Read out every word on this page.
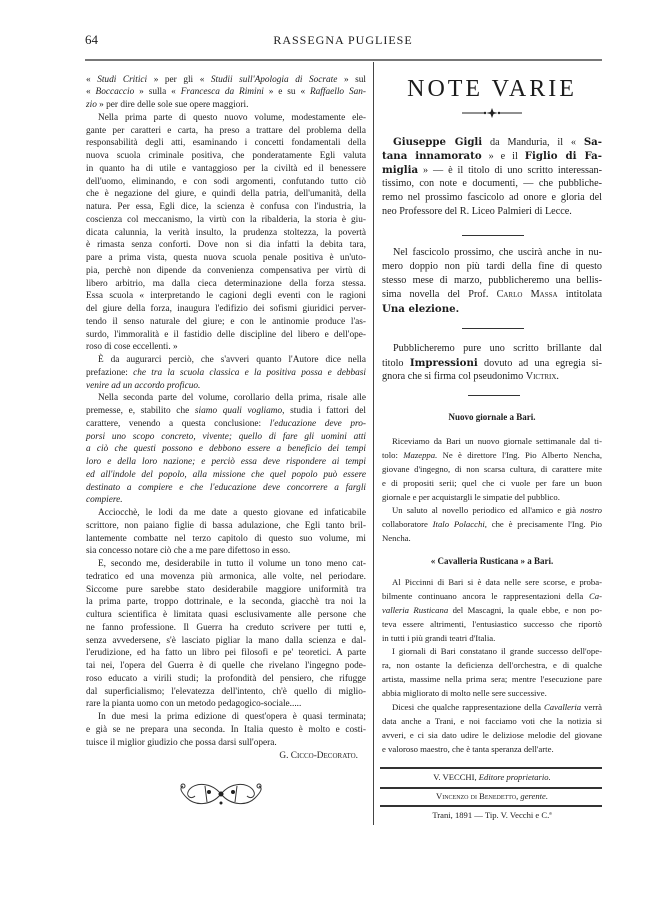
64	RASSEGNA PUGLIESE
« Studi Critici » per gli « Studii sull'Apologia di Socrate » sul
« Boccaccio » sulla « Francesca da Rimini » e su « Raffaello San-
zio » per dire delle sole sue opere maggiori.
Nella prima parte di questo nuovo volume, modestamente ele-
gante per caratteri e carta, ha preso a trattare del problema della
responsabilità degli atti, esaminando i concetti fondamentali della
nuova scuola criminale positiva, che ponderatamente Egli valuta
in quanto ha di utile e vantaggioso per la civiltà ed il benessere
dell'uomo, eliminando, e con sodi argomenti, confutando tutto ciò
che è negazione del giure, e quindi della patria, dell'umanità, della
natura. Per essa, Egli dice, la scienza è confusa con l'industria, la
coscienza col meccanismo, la virtù con la ribalderia, la storia è giu-
dicata calunnia, la verità insulto, la prudenza stoltezza, la povertà
è rimasta senza conforti. Dove non si dia infatti la debita tara,
pare a prima vista, questa nuova scuola penale positiva è un'uto-
pia, perchè non dipende da convenienza compensativa per virtù di
libero arbitrio, ma dalla cieca determinazione della forza stessa.
Essa scuola « interpretando le cagioni degli eventi con le ragioni
del giure della forza, inaugura l'edifizio dei sofismi giuridici perver-
tendo il senso naturale del giure; e con le antinomie produce l'as-
surdo, l'immoralità e il fastidio delle discipline del libero e dell'ope-
roso di cose eccellenti. »
È da augurarci perciò, che s'avveri quanto l'Autore dice nella
prefazione: che tra la scuola classica e la positiva possa e debbasi
venire ad un accordo proficuo.
Nella seconda parte del volume, corollario della prima, risale alle
premesse, e, stabilito che siamo quali vogliamo, studia i fattori del
carattere, venendo a questa conclusione: l'educazione deve pro-
porsi uno scopo concreto, vivente; quello di fare gli uomini atti
a ciò che questi possono e debbono essere a beneficio dei tempi
loro e della loro nazione; e perciò essa deve rispondere ai tempi
ed all'indole del popolo, alla missione che quel popolo può essere
destinato a compiere e che l'educazione deve concorrere a fargli
compiere.
Acciocchè, le lodi da me date a questo giovane ed infaticabile
scrittore, non paiano figlie di bassa adulazione, che Egli tanto bril-
lantemente combatte nel terzo capitolo di questo suo volume, mi
sia concesso notare ciò che a me pare difettoso in esso.
E, secondo me, desiderabile in tutto il volume un tono meno cat-
tedratico ed una movenza più armonica, alle volte, nel periodare.
Siccome pure sarebbe stato desiderabile maggiore uniformità tra
la prima parte, troppo dottrinale, e la seconda, giacchè tra noi la
cultura scientifica è limitata quasi esclusivamente alle persone che
ne fanno professione. Il Guerra ha creduto scrivere per tutti e,
senza avvedersene, s'è lasciato pigliar la mano dalla scienza e dal-
l'erudizione, ed ha fatto un libro pei filosofi e pe' teoretici. A parte
tai nei, l'opera del Guerra è di quelle che rivelano l'ingegno pode-
roso educato a virili studi; la profondità del pensiero, che rifugge
dal superficialismo; l'elevatezza dell'intento, ch'è quello di miglio-
rare la pianta uomo con un metodo pedagogico-sociale.....
In due mesi la prima edizione di quest'opera è quasi terminata;
e già se ne prepara una seconda. In Italia questo è molto e costi-
tuisce il miglior giudizio che possa darsi sull'opera.
G. Cicco-Decorato.
NOTE VARIE
Giuseppe Gigli da Manduria, il « Sa-
tana innamorato » e il Figlio di Fa-
miglia » — è il titolo di uno scritto interessan-
tissimo, con note e documenti, — che pubbliche-
remo nel prossimo fascicolo ad onore e gloria del
neo Professore del R. Liceo Palmieri di Lecce.
Nel fascicolo prossimo, che uscirà anche in nu-
mero doppio non più tardi della fine di questo
stesso mese di marzo, pubblicheremo una bellis-
sima novella del Prof. Carlo Massa intitolata
Una elezione.
Pubblicheremo pure uno scritto brillante dal
titolo Impressioni dovuto ad una egregia si-
gnora che si firma col pseudonimo Victrix.
Nuovo giornale a Bari.
Riceviamo da Bari un nuovo giornale settimanale dal ti-
tolo: Mazeppa. Ne è direttore l'Ing. Pio Alberto Nencha,
giovane d'ingegno, di non scarsa cultura, di carattere mite
e di propositi serii; quel che ci vuole per fare un buon
giornale e per acquistargli le simpatie del pubblico.
Un saluto al novello periodico ed all'amico e già nostro
collaboratore Italo Polacchi, che è precisamente l'Ing. Pio
Nencha.
« Cavalleria Rusticana » a Bari.
Al Piccinni di Bari si è data nelle sere scorse, e proba-
bilmente continuano ancora le rappresentazioni della Ca-
valleria Rusticana del Mascagni, la quale ebbe, e non po-
teva essere altrimenti, l'entusiastico successo che riportò
in tutti i più grandi teatri d'Italia.
I giornali di Bari constatano il grande successo dell'ope-
ra, non ostante la deficienza dell'orchestra, e di qualche
artista, massime nella prima sera; mentre l'esecuzione pare
abbia migliorato di molto nelle sere successive.
Dicesi che qualche rappresentazione della Cavalleria verrà
data anche a Trani, e noi facciamo voti che la notizia si
avveri, e ci sia dato udire le deliziose melodie del giovane
e valoroso maestro, che è tanta speranza dell'arte.
V. VECCHI, Editore proprietario.
Vincenzo di Benedetto, gerente.
Trani, 1891 — Tip. V. Vecchi e C.ª
